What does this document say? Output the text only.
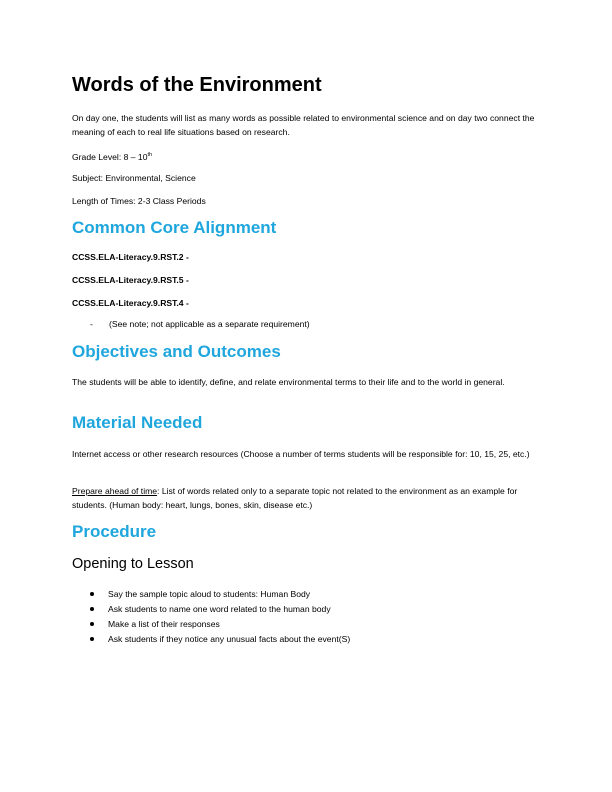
Words of the Environment

On day one, the students will list as many words as possible related to environmental science and on day two connect the meaning of each to real life situations based on research.

Grade Level: 8 – 10th

Subject: Environmental, Science

Length of Times: 2-3 Class Periods

Common Core Alignment

CCSS.ELA-Literacy.9.RST.2 -

CCSS.ELA-Literacy.9.RST.5 -

CCSS.ELA-Literacy.9.RST.4 -

- (See note; not applicable as a separate requirement)
Objectives and Outcomes

The students will be able to identify, define, and relate environmental terms to their life and to the world in general.

Material Needed

Internet access or other research resources (Choose a number of terms students will be responsible for: 10, 15, 25, etc.)

Prepare ahead of time: List of words related only to a separate topic not related to the environment as an example for students. (Human body: heart, lungs, bones, skin, disease etc.)

Procedure
Opening to Lesson
Say the sample topic aloud to students: Human Body
Ask students to name one word related to the human body
Make a list of their responses
Ask students if they notice any unusual facts about the event(S)
